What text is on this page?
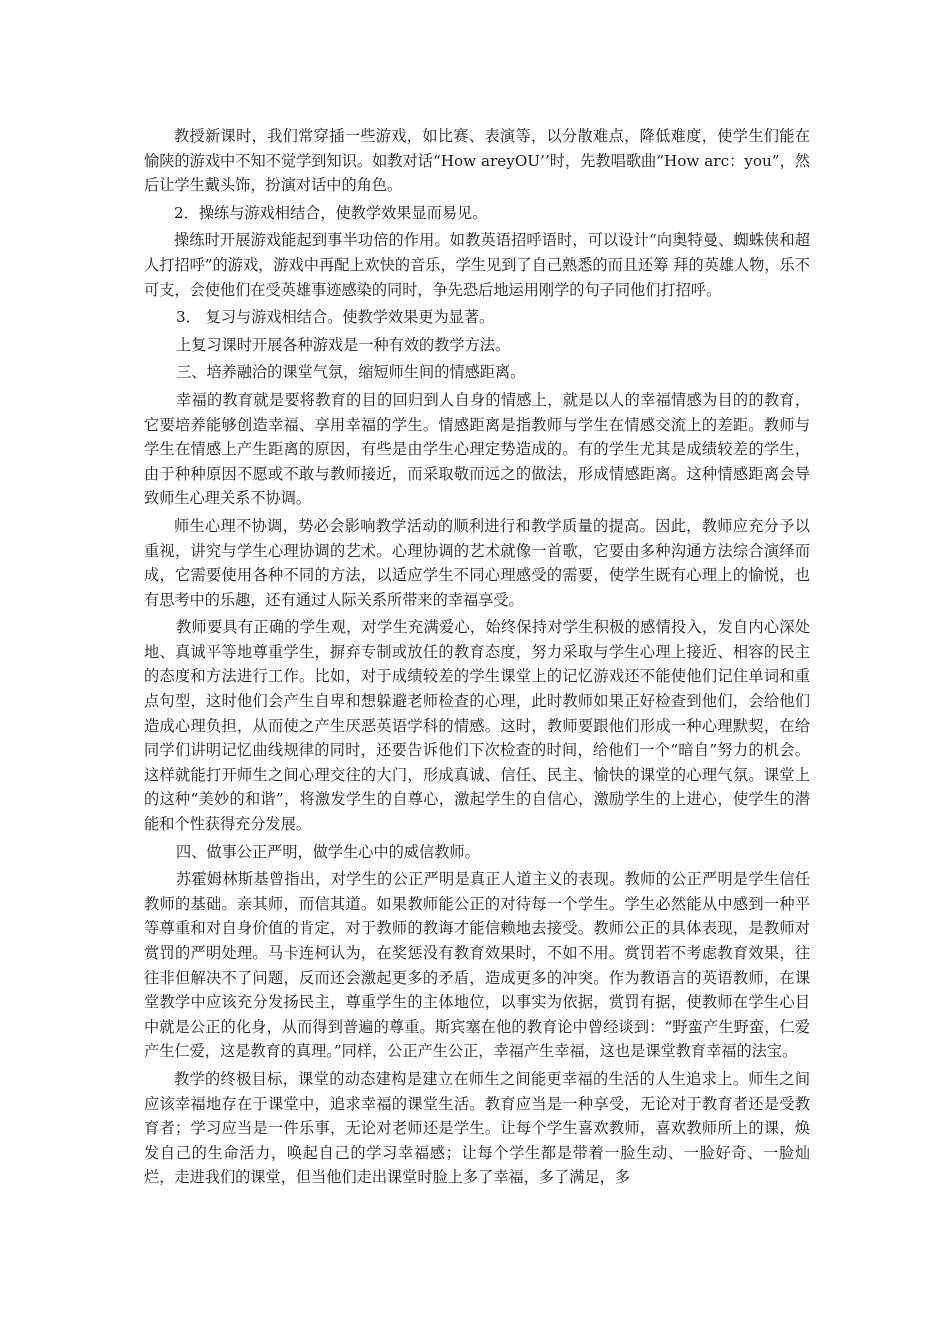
教授新课时，我们常穿插一些游戏，如比赛、表演等，以分散难点，降低难度，使学生们能在愉陕的游戏中不知不觉学到知识。如教对话“How areyOU’’时，先教唱歌曲“How arc：you”，然后让学生戴头饰，扮演对话中的角色。

2．操练与游戏相结合，使教学效果显而易见。

操练时开展游戏能起到事半功倍的作用。如教英语招呼语时，可以设计“向奥特曼、蜘蛛侠和超人打招呼”的游戏，游戏中再配上欢快的音乐，学生见到了自己熟悉的而且还筹 拜的英雄人物，乐不可支，会使他们在受英雄事迹感染的同时，争先恐后地运用刚学的句子同他们打招呼。

3． 复习与游戏相结合。使教学效果更为显著。

上复习课时开展各种游戏是一种有效的教学方法。

三、培养融洽的课堂气氛，缩短师生间的情感距离。

幸福的教育就是要将教育的目的回归到人自身的情感上，就是以人的幸福情感为目的的教育，它要培养能够创造幸福、享用幸福的学生。情感距离是指教师与学生在情感交流上的差距。教师与学生在情感上产生距离的原因，有些是由学生心理定势造成的。有的学生尤其是成绩较差的学生，由于种种原因不愿或不敢与教师接近，而采取敬而远之的做法，形成情感距离。这种情感距离会导致师生心理关系不协调。

师生心理不协调，势必会影响教学活动的顺利进行和教学质量的提高。因此，教师应充分予以重视，讲究与学生心理协调的艺术。心理协调的艺术就像一首歌，它要由多种沟通方法综合演绎而成，它需要使用各种不同的方法，以适应学生不同心理感受的需要，使学生既有心理上的愉悦，也有思考中的乐趣，还有通过人际关系所带来的幸福享受。

教师要具有正确的学生观，对学生充满爱心，始终保持对学生积极的感情投入，发自内心深处地、真诚平等地尊重学生，摒弃专制或放任的教育态度，努力采取与学生心理上接近、相容的民主的态度和方法进行工作。比如，对于成绩较差的学生课堂上的记忆游戏还不能使他们记住单词和重点句型，这时他们会产生自卑和想躲避老师检查的心理，此时教师如果正好检查到他们，会给他们造成心理负担，从而使之产生厌恶英语学科的情感。这时，教师要跟他们形成一种心理默契，在给同学们讲明记忆曲线规律的同时，还要告诉他们下次检查的时间，给他们一个“暗自”努力的机会。这样就能打开师生之间心理交往的大门，形成真诚、信任、民主、愉快的课堂的心理气氛。课堂上的这种“美妙的和谐”，将激发学生的自尊心，激起学生的自信心，激励学生的上进心，使学生的潜能和个性获得充分发展。

四、做事公正严明，做学生心中的威信教师。

苏霍姆林斯基曾指出，对学生的公正严明是真正人道主义的表现。教师的公正严明是学生信任教师的基础。亲其师，而信其道。如果教师能公正的对待每一个学生。学生必然能从中感到一种平等尊重和对自身价值的肯定，对于教师的教诲才能信赖地去接受。教师公正的具体表现，是教师对赏罚的严明处理。马卡连柯认为，在奖惩没有教育效果时，不如不用。赏罚若不考虑教育效果，往往非但解决不了问题，反而还会激起更多的矛盾，造成更多的冲突。作为教语言的英语教师，在课堂教学中应该充分发扬民主，尊重学生的主体地位，以事实为依据，赏罚有据，使教师在学生心目中就是公正的化身，从而得到普遍的尊重。斯宾塞在他的教育论中曾经谈到：“野蛮产生野蛮，仁爱产生仁爱，这是教育的真理。”同样，公正产生公正，幸福产生幸福，这也是课堂教育幸福的法宝。

教学的终极目标，课堂的动态建构是建立在师生之间能更幸福的生活的人生追求上。师生之间应该幸福地存在于课堂中，追求幸福的课堂生活。教育应当是一种享受，无论对于教育者还是受教育者；学习应当是一件乐事，无论对老师还是学生。让每个学生喜欢教师，喜欢教师所上的课，焕发自己的生命活力，唤起自己的学习幸福感；让每个学生都是带着一脸生动、一脸好奇、一脸灿烂，走进我们的课堂，但当他们走出课堂时脸上多了幸福，多了满足，多
